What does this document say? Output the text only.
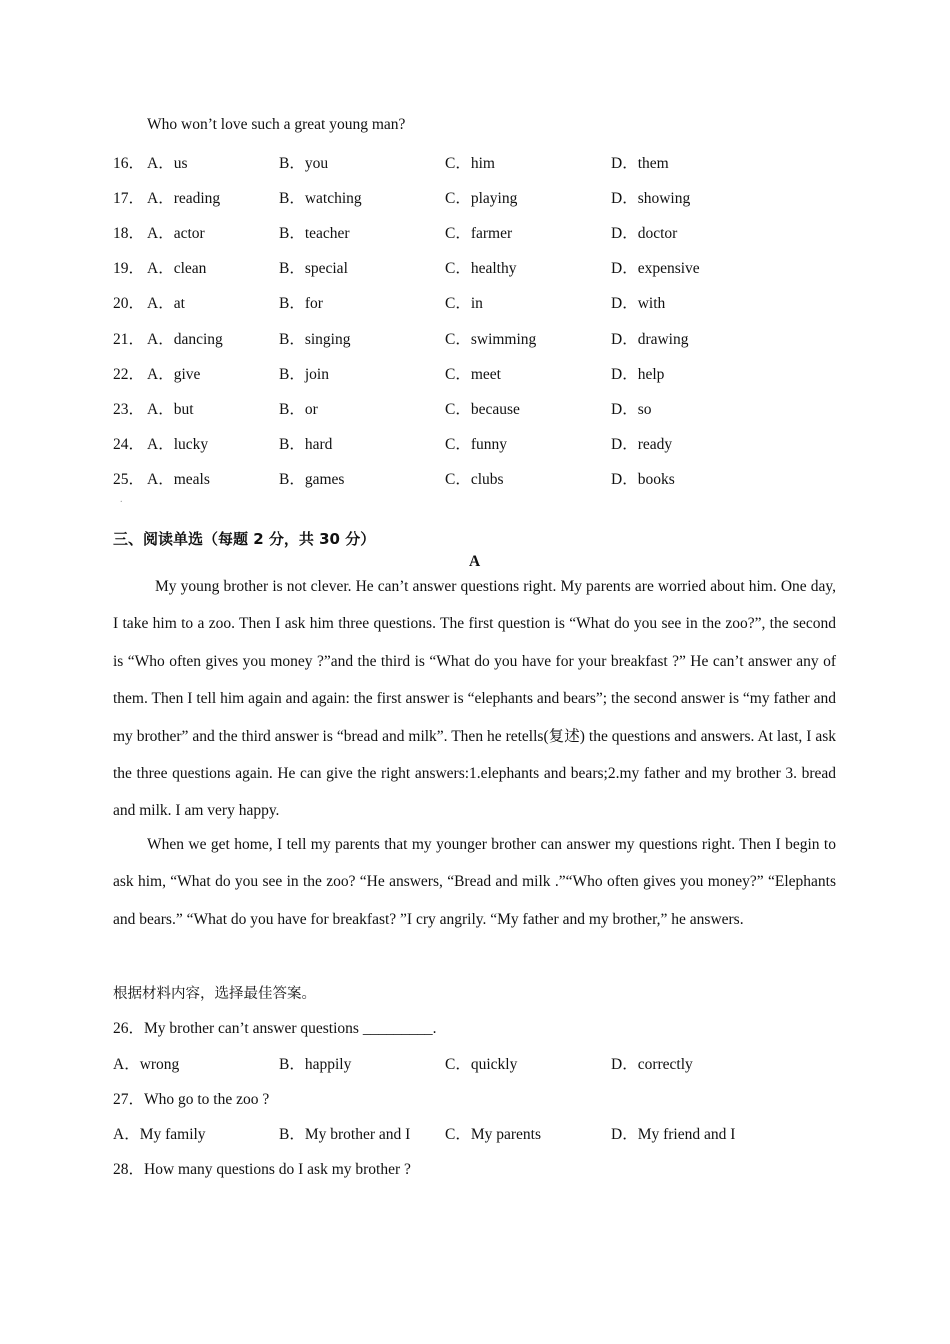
Who won’t love such a great young man?
16． A．us	B．you	C．him	D．them
17． A．reading	B．watching	C．playing	D．showing
18． A．actor	B．teacher	C．farmer	D．doctor
19． A．clean	B．special	C．healthy	D．expensive
20． A．at	B．for	C．in	D．with
21． A．dancing	B．singing	C．swimming	D．drawing
22． A．give	B．join	C．meet	D．help
23． A．but	B．or	C．because	D．so
24． A．lucky	B．hard	C．funny	D．ready
25． A．meals	B．games	C．clubs	D．books
.
三、阅读单选（每题 2 分，共 30 分）
A
My young brother is not clever. He can’t answer questions right. My parents are worried about him. One day, I take him to a zoo. Then I ask him three questions. The first question is “What do you see in the zoo?”, the second is “Who often gives you money ?”and the third is “What do you have for your breakfast ?” He can’t answer any of them. Then I tell him again and again: the first answer is “elephants and bears”; the second answer is “my father and my brother” and the third answer is “bread and milk”. Then he retells(复述) the questions and answers. At last, I ask the three questions again. He can give the right answers:1.elephants and bears;2.my father and my brother 3. bread and milk. I am very happy.
When we get home, I tell my parents that my younger brother can answer my questions right. Then I begin to ask him, “What do you see in the zoo? “He answers, “Bread and milk .”“Who often gives you money?” “Elephants and bears.” “What do you have for breakfast? ”I cry angrily. “My father and my brother,” he answers.
根据材料内容，选择最佳答案。
26．My brother can’t answer questions _________.
A．wrong	B．happily	C．quickly	D．correctly
27．Who go to the zoo ?
A．My family	B．My brother and I C．My parents	D．My friend and I
28．How many questions do I ask my brother ?
